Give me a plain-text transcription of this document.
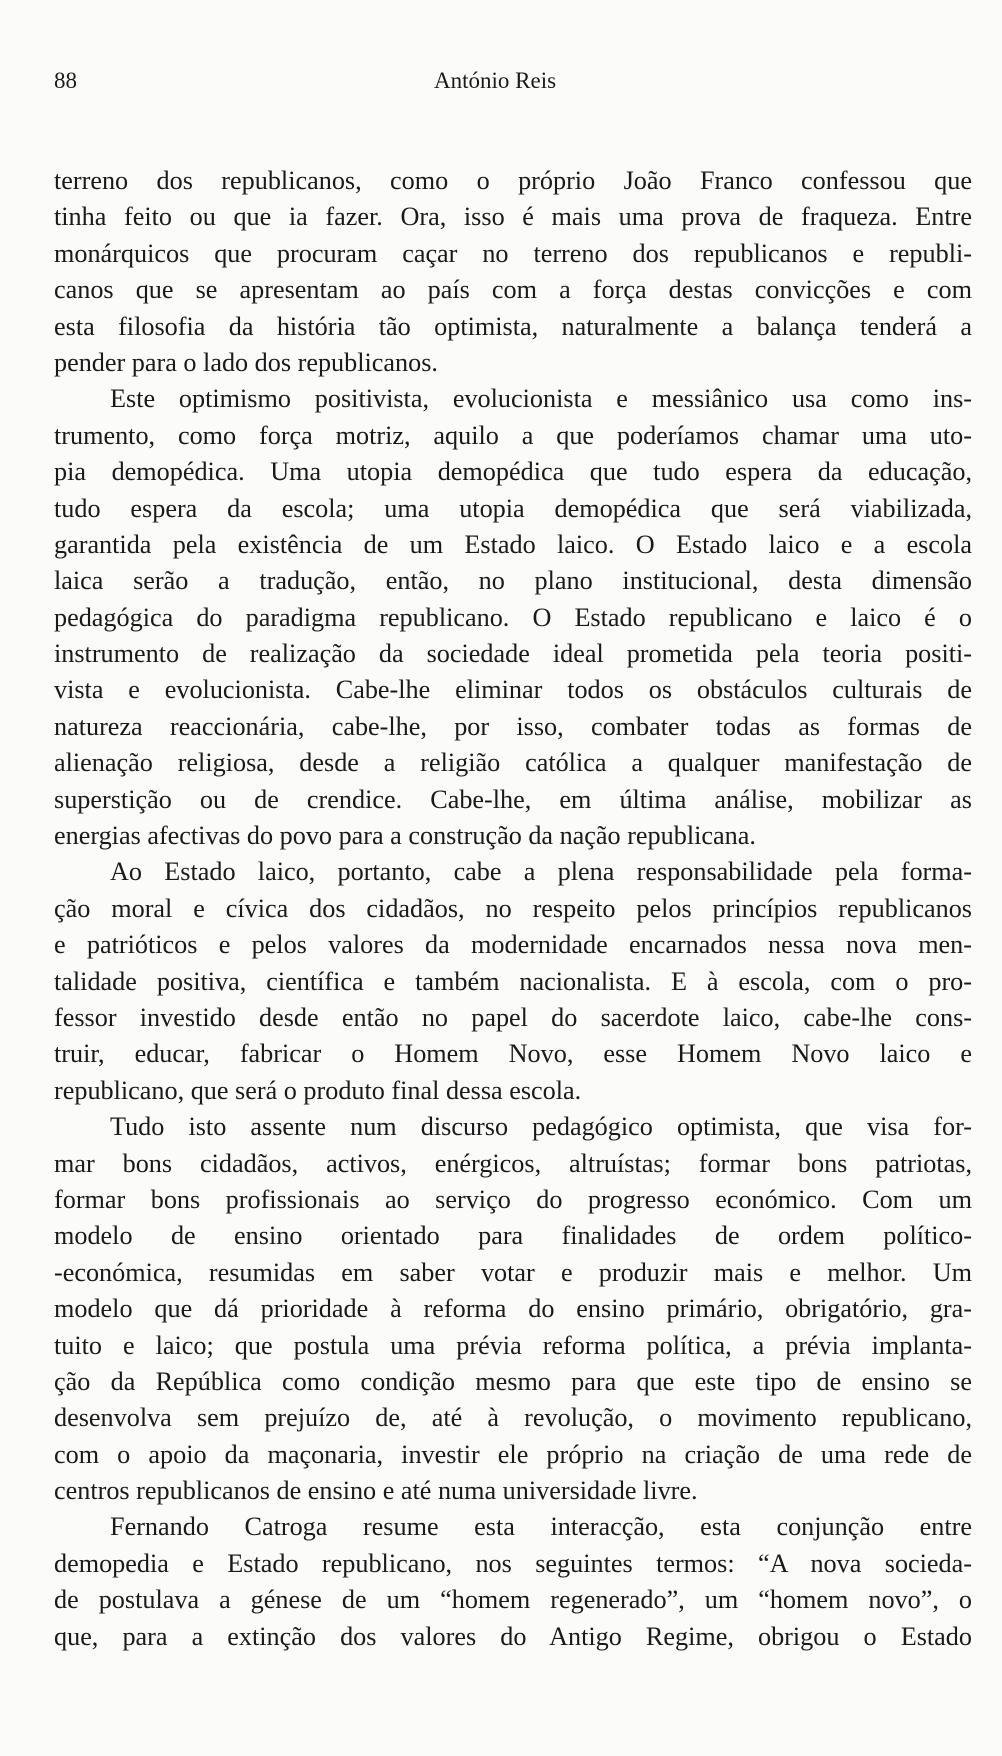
88	António Reis
terreno dos republicanos, como o próprio João Franco confessou que
tinha feito ou que ia fazer. Ora, isso é mais uma prova de fraqueza. Entre
monárquicos que procuram caçar no terreno dos republicanos e republi-
canos que se apresentam ao país com a força destas convicções e com
esta filosofia da história tão optimista, naturalmente a balança tenderá a
pender para o lado dos republicanos.
Este optimismo positivista, evolucionista e messiânico usa como ins-
trumento, como força motriz, aquilo a que poderíamos chamar uma uto-
pia demopédica. Uma utopia demopédica que tudo espera da educação,
tudo espera da escola; uma utopia demopédica que será viabilizada,
garantida pela existência de um Estado laico. O Estado laico e a escola
laica serão a tradução, então, no plano institucional, desta dimensão
pedagógica do paradigma republicano. O Estado republicano e laico é o
instrumento de realização da sociedade ideal prometida pela teoria positi-
vista e evolucionista. Cabe-lhe eliminar todos os obstáculos culturais de
natureza reaccionária, cabe-lhe, por isso, combater todas as formas de
alienação religiosa, desde a religião católica a qualquer manifestação de
superstição ou de crendice. Cabe-lhe, em última análise, mobilizar as
energias afectivas do povo para a construção da nação republicana.
Ao Estado laico, portanto, cabe a plena responsabilidade pela forma-
ção moral e cívica dos cidadãos, no respeito pelos princípios republicanos
e patrióticos e pelos valores da modernidade encarnados nessa nova men-
talidade positiva, científica e também nacionalista. E à escola, com o pro-
fessor investido desde então no papel do sacerdote laico, cabe-lhe cons-
truir, educar, fabricar o Homem Novo, esse Homem Novo laico e
republicano, que será o produto final dessa escola.
Tudo isto assente num discurso pedagógico optimista, que visa for-
mar bons cidadãos, activos, enérgicos, altruístas; formar bons patriotas,
formar bons profissionais ao serviço do progresso económico. Com um
modelo de ensino orientado para finalidades de ordem político-
-económica, resumidas em saber votar e produzir mais e melhor. Um
modelo que dá prioridade à reforma do ensino primário, obrigatório, gra-
tuito e laico; que postula uma prévia reforma política, a prévia implanta-
ção da República como condição mesmo para que este tipo de ensino se
desenvolva sem prejuízo de, até à revolução, o movimento republicano,
com o apoio da maçonaria, investir ele próprio na criação de uma rede de
centros republicanos de ensino e até numa universidade livre.
Fernando Catroga resume esta interacção, esta conjunção entre
demopedia e Estado republicano, nos seguintes termos: “A nova socieda-
de postulava a génese de um “homem regenerado”, um “homem novo”, o
que, para a extinção dos valores do Antigo Regime, obrigou o Estado
